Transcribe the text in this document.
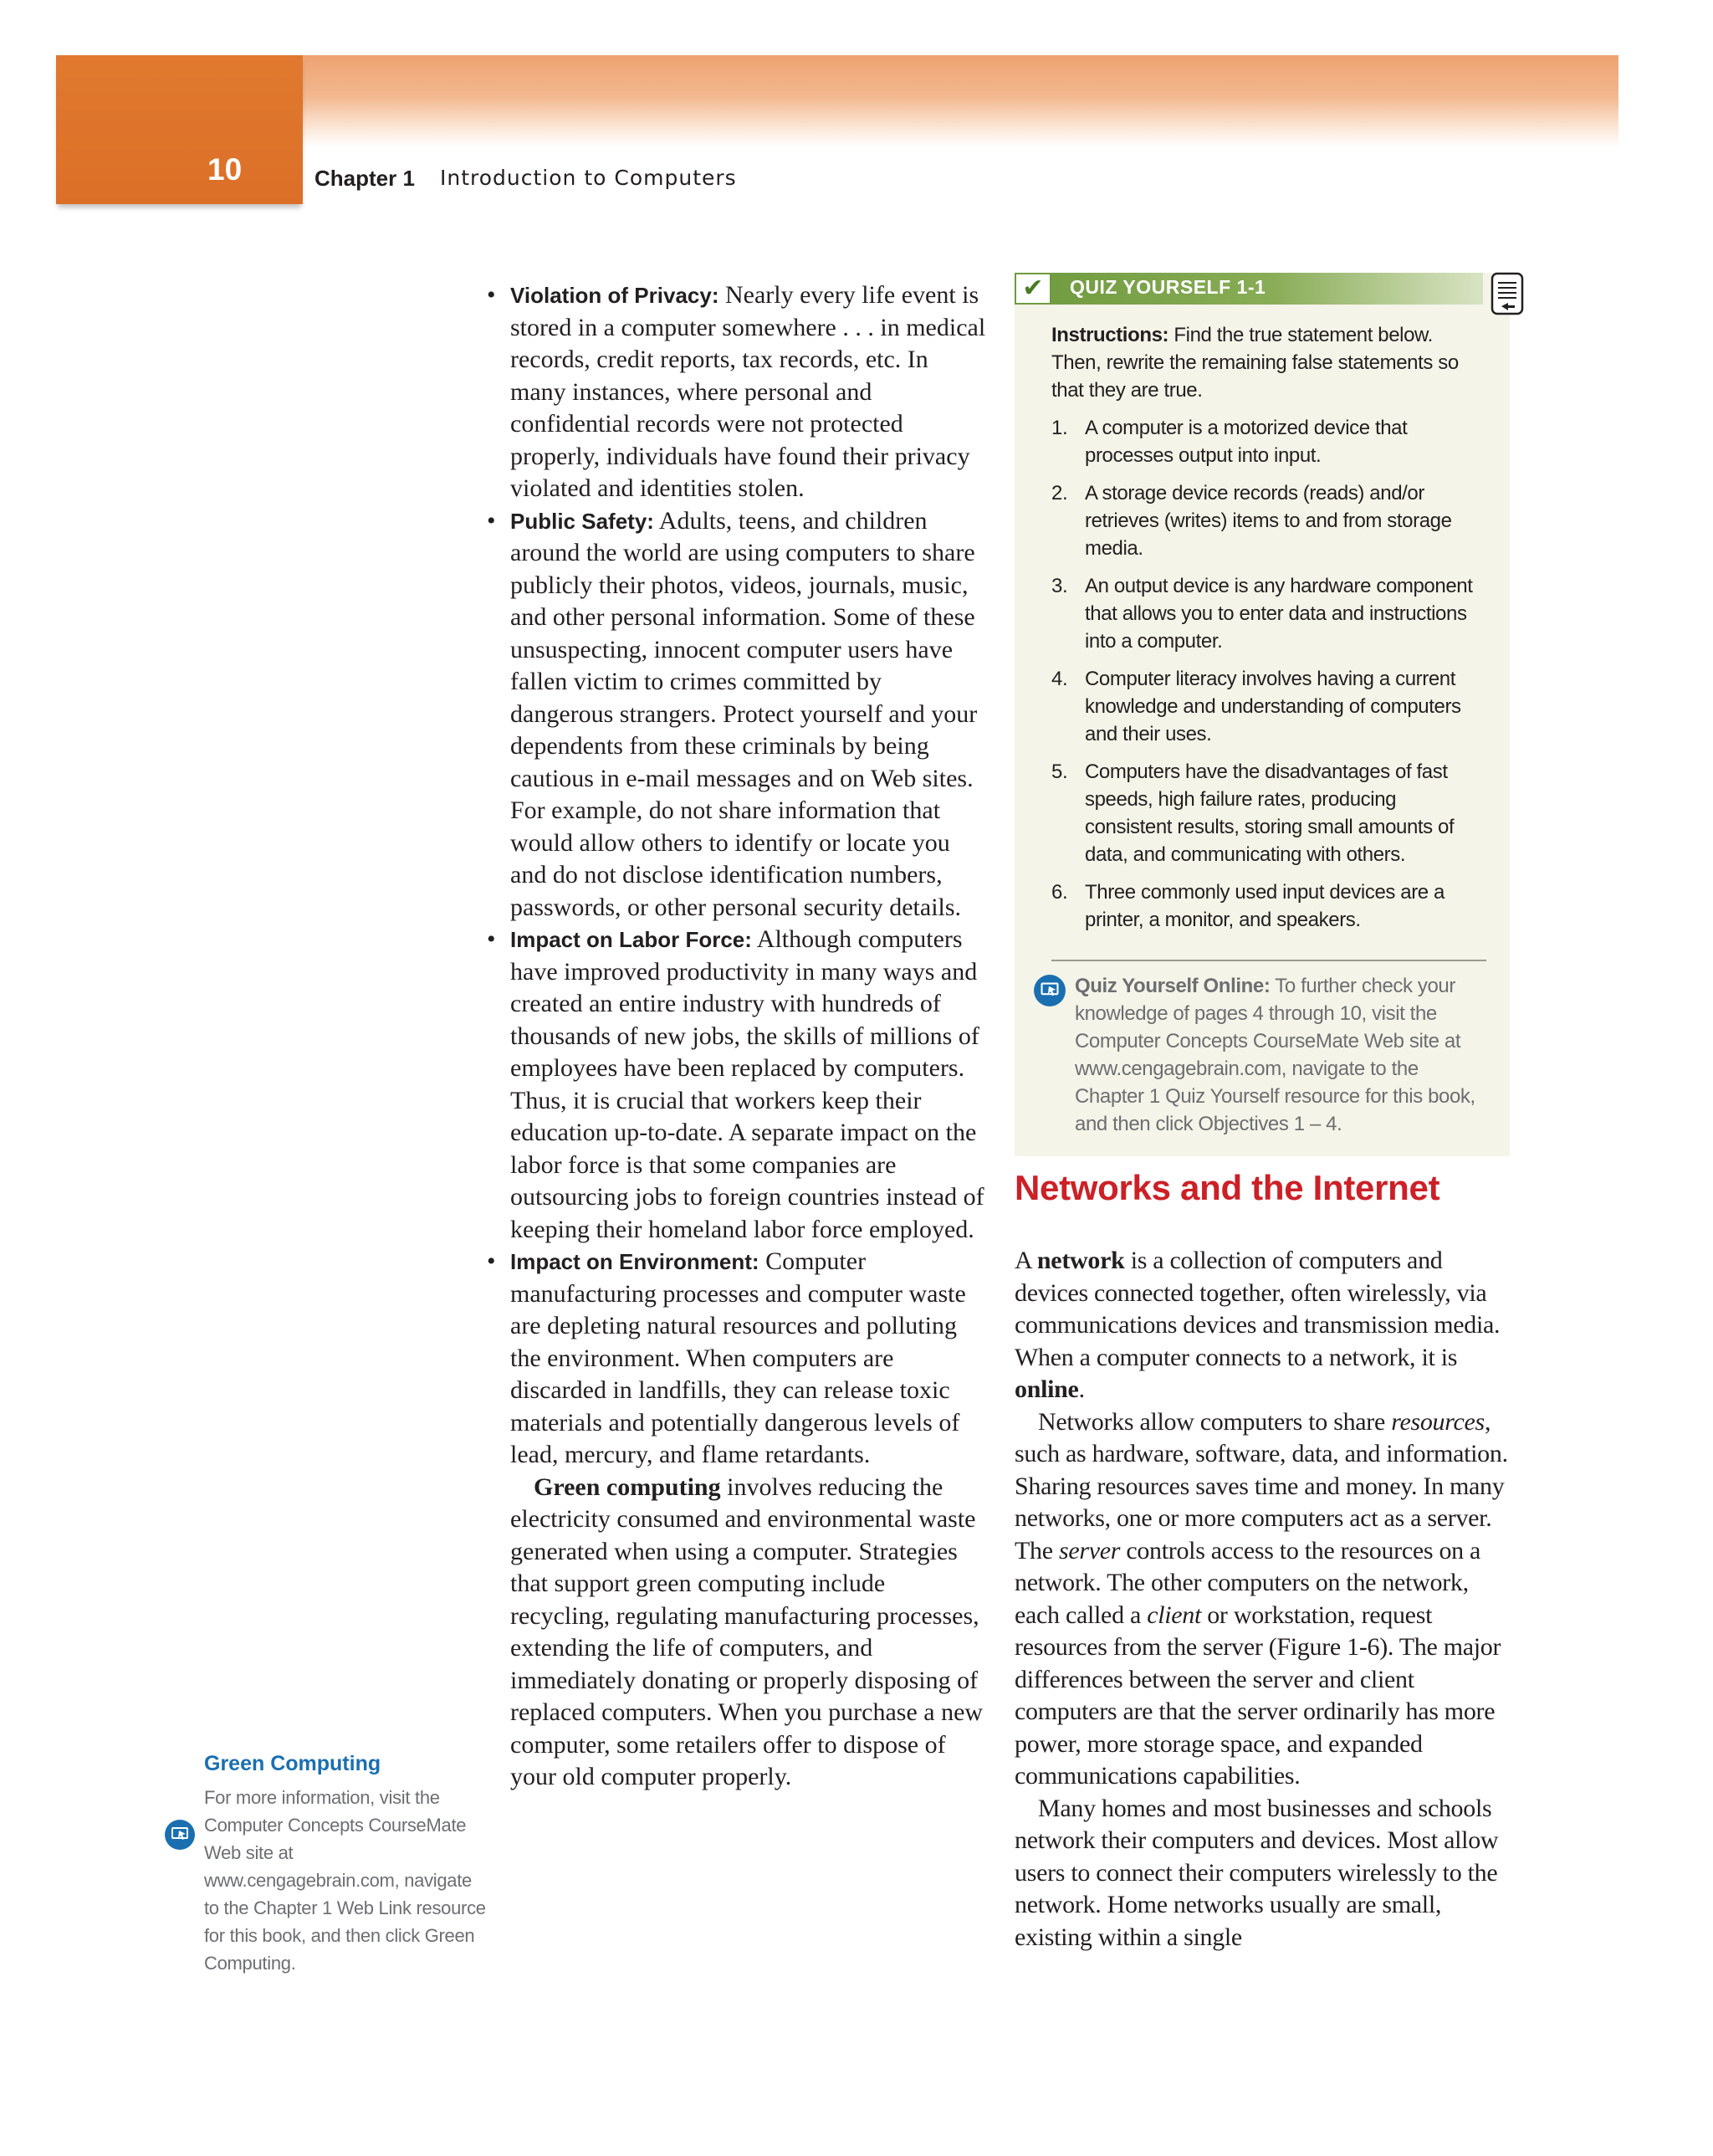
10	Chapter 1 Introduction to Computers
• Violation of Privacy: Nearly every life event is stored in a computer somewhere . . . in medical records, credit reports, tax records, etc. In many instances, where personal and confidential records were not protected properly, individuals have found their privacy violated and identities stolen.
• Public Safety: Adults, teens, and children around the world are using computers to share publicly their photos, videos, journals, music, and other personal information. Some of these unsuspecting, innocent computer users have fallen victim to crimes committed by dangerous strangers. Protect yourself and your dependents from these criminals by being cautious in e-mail messages and on Web sites. For example, do not share information that would allow others to identify or locate you and do not disclose identification numbers, passwords, or other personal security details.
• Impact on Labor Force: Although computers have improved productivity in many ways and created an entire industry with hundreds of thousands of new jobs, the skills of millions of employees have been replaced by computers. Thus, it is crucial that workers keep their education up-to-date. A separate impact on the labor force is that some companies are outsourcing jobs to foreign countries instead of keeping their homeland labor force employed.
• Impact on Environment: Computer manufacturing processes and computer waste are depleting natural resources and polluting the environment. When computers are discarded in landfills, they can release toxic materials and potentially dangerous levels of lead, mercury, and flame retardants.

Green computing involves reducing the electricity consumed and environmental waste generated when using a computer. Strategies that support green computing include recycling, regulating manufacturing processes, extending the life of computers, and immediately donating or properly disposing of replaced computers. When you purchase a new computer, some retailers offer to dispose of your old computer properly.

Green Computing
For more information, visit the Computer Concepts CourseMate Web site at www.cengagebrain.com, navigate to the Chapter 1 Web Link resource for this book, and then click Green Computing.
✔	QUIZ YOURSELF 1-1

Instructions: Find the true statement below. Then, rewrite the remaining false statements so that they are true.

1. A computer is a motorized device that processes output into input.
2. A storage device records (reads) and/or retrieves (writes) items to and from storage media.
3. An output device is any hardware component that allows you to enter data and instructions into a computer.
4. Computer literacy involves having a current knowledge and understanding of computers and their uses.
5. Computers have the disadvantages of fast speeds, high failure rates, producing consistent results, storing small amounts of data, and communicating with others.
6. Three commonly used input devices are a printer, a monitor, and speakers.
Quiz Yourself Online: To further check your knowledge of pages 4 through 10, visit the Computer Concepts CourseMate Web site at www.cengagebrain.com, navigate to the Chapter 1 Quiz Yourself resource for this book, and then click Objectives 1 – 4.
Networks and the Internet

A network is a collection of computers and devices connected together, often wirelessly, via communications devices and transmission media. When a computer connects to a network, it is online.

Networks allow computers to share resources, such as hardware, software, data, and information. Sharing resources saves time and money. In many networks, one or more computers act as a server. The server controls access to the resources on a network. The other computers on the network, each called a client or workstation, request resources from the server (Figure 1-6). The major differences between the server and client computers are that the server ordinarily has more power, more storage space, and expanded communications capabilities.

Many homes and most businesses and schools network their computers and devices. Most allow users to connect their computers wirelessly to the network. Home networks usually are small, existing within a single
